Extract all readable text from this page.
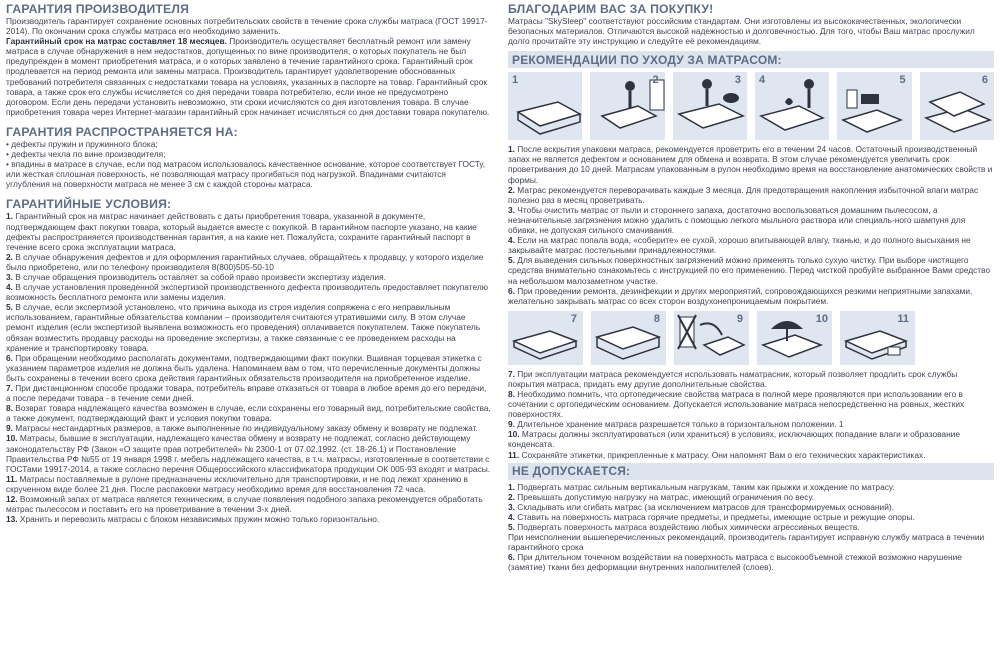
ГАРАНТИЯ ПРОИЗВОДИТЕЛЯ

Производитель гарантирует сохранение основных потребительских свойств в течение срока службы матраса (ГОСТ 19917-2014). По окончании срока службы матраса его необходимо заменить.

Гарантийный срок на матрас составляет 18 месяцев. Производитель осуществляет бесплатный ремонт или замену матраса в случае обнаружения в нем недостатков, допущенных по вине производителя, о которых покупатель не был предупрежден в момент приобретения матраса, и о которых заявлено в течение гарантийного срока. Гарантийный срок продлевается на период ремонта или замены матраса. Производитель гарантирует удовлетворение обоснованных требований потребителя связанных с недостатками товара на условиях, указанных в паспорте на товар. Гарантийный срок товара, а также срок его службы исчисляется со дня передачи товара потребителю, если иное не предусмотрено договором. Если день передачи установить невозможно, эти сроки исчисляются со дня изготовления товара. В случае приобретения товара через Интернет-магазин гарантийный срок начинает исчисляться со дня доставки товара покупателю.

ГАРАНТИЯ РАСПРОСТРАНЯЕТСЯ НА:

• дефекты пружин и пружинного блока;

• дефекты чехла по вине производителя;

• впадины в матрасе в случае, если под матрасом использовалось качественное основание, которое соответствует ГОСТу, или жесткая сплошная поверхность, не позволяющая матрасу прогибаться под нагрузкой. Впадинами считаются углубления на поверхности матраса не менее 3 см с каждой стороны матраса.

ГАРАНТИЙНЫЕ УСЛОВИЯ:

1. Гарантийный срок на матрас начинает действовать с даты приобретения товара, указанной в документе, подтверждающем факт покупки товара, который выдается вместе с покупкой. В гарантийном паспорте указано, на какие дефекты распространяется производственная гарантия, а на какие нет. Пожалуйста, сохраните гарантийный паспорт в течение всего срока эксплуатации матраса.

2. В случае обнаружения дефектов и для оформления гарантийных случаев, обращайтесь к продавцу, у которого изделие было приобретено, или по телефону производителя 8(800)505-50-10

3. В случае обращения производитель оставляет за собой право произвести экспертизу изделия.

4. В случае установления проведенной экспертизой производственного дефекта производитель предоставляет покупателю возможность бесплатного ремонта или замены изделия.

5. В случае, если экспертизой установлено, что причина выхода из строя изделия сопряжена с его неправильным использованием, гарантийные обязательства компании – производителя считаются утратившими силу. В этом случае ремонт изделия (если экспертизой выявлена возможность его проведения) оплачивается покупателем. Также покупатель обязан возместить продавцу расходы на проведение экспертизы, а также связанные с ее проведением расходы на хранение и транспортировку товара.

6. При обращении необходимо располагать документами, подтверждающими факт покупки. Вшивная торцевая этикетка с указанием параметров изделия не должна быть удалена. Напоминаем вам о том, что перечисленные документы должны быть сохранены в течении всего срока действия гарантийных обязательств производителя на приобретенное изделие.

7. При дистанционном способе продажи товара, потребитель вправе отказаться от товара в любое время до его передачи, а после передачи товара - в течение семи дней.

8. Возврат товара надлежащего качества возможен в случае, если сохранены его товарный вид, потребительские свойства, а также документ, подтверждающий факт и условия покупки товара.

9. Матрасы нестандартных размеров, а также выполненные по индивидуальному заказу обмену и возврату не подлежат.

10. Матрасы, бывшие в эксплуатации, надлежащего качества обмену и возврату не подлежат, согласно действующему законодательству РФ (Закон «О защите прав потребителей» № 2300-1 от 07.02.1992. (ст. 18-26.1) и Постановление Правительства РФ №55 от 19 января 1998 г. мебель надлежащего качества, в т.ч. матрасы, изготовленные в соответствии с ГОСТами 19917-2014, а также согласно перечня Общероссийского классификатора продукции ОК 005-93 входят и матрасы.

11. Матрасы поставляемые в рулоне предназначены исключительно для транспортировки, и не под лежат хранению в скрученном виде более 21 дня. После распаковки матрасу необходимо время для восстановления 72 часа.

12. Возможный запах от матраса является техническим, в случае появления подобного запаха рекомендуется обработать матрас пылесосом и поставить его на проветривание в течении 3-х дней.

13. Хранить и перевозить матрасы с блоком независимых пружин можно только горизонтально.

БЛАГОДАРИМ ВАС ЗА ПОКУПКУ!

Матрасы "SkySleep" соответствуют российским стандартам. Они изготовлены из высококачественных, экологически безопасных материалов. Отличаются высокой надежностью и долговечностью. Для того, чтобы Ваш матрас прослужил долго прочитайте эту инструкцию и следуйте её рекомендациям.

РЕКОМЕНДАЦИИ ПО УХОДУ ЗА МАТРАСОМ:
1	2	3 4	5	6

1. После вскрытия упаковки матраса, рекомендуется проветрить его в течении 24 часов. Остаточный производственный запах не является дефектом и основанием для обмена и возврата. В этом случае рекомендуется увеличить срок проветривания до 10 дней. Матрасам упакованным в рулон необходимо время на восстановление анатомических свойств и формы.

2. Матрас рекомендуется переворачивать каждые 3 месяца. Для предотвращения накопления избыточной влаги матрас полезно раз в месяц проветривать.

3. Чтобы очистить матрас от пыли и стороннего запаха, достаточно воспользоваться домашним пылесосом, а незначительные загрязнения можно удалить с помощью легкого мыльного раствора или специаль-ного шампуня для обивки, не допуская сильного смачивания.

4. Если на матрас попала вода, «соберите» ее сухой, хорошо впитывающей влагу, тканью, и до полного высыхания не закрывайте матрас постельными принадлежностями.

5. Для выведения сильных поверхностных загрязнений можно применять только сухую чистку. При выборе чистящего средства внимательно ознакомьтесь с инструкцией по его применению. Перед чисткой пробуйте выбранное Вами средство на небольшом малозаметном участке.

6. При проведении ремонта, дезинфекции и других мероприятий, сопровождающихся резкими неприятными запахами, желательно закрывать матрас со всех сторон воздухонепроницаемым покрытием.

7	8	9	10	11

7. При эксплуатации матраса рекомендуется использовать наматрасник, который позволяет продлить срок службы покрытия матраса, придать ему другие дополнительные свойства.

8. Необходимо помнить, что ортопедические свойства матраса в полной мере проявляются при использовании его в сочетании с ортопедическим основанием. Допускается использование матраса непосредственно на ровных, жестких поверхностях.

9. Длительное хранение матраса разрешается только в горизонтальном положении. 1

10. Матрасы должны эксплуатироваться (или храниться) в условиях, исключающих попадание влаги и образование конденсата.

11. Сохраняйте этикетки, прикрепленные к матрасу. Они напомнят Вам о его технических характеристиках.

НЕ ДОПУСКАЕТСЯ:

1. Подвергать матрас сильным вертикальным нагрузкам, таким как прыжки и хождение по матрасу.

2. Превышать допустимую нагрузку на матрас, имеющий ограничения по весу.

3. Складывать или сгибать матрас (за исключением матрасов для трансформируемых оснований).

4. Ставить на поверхность матраса горячие предметы, и предметы, имеющие острые и режущие опоры.

5. Подвергать поверхность матраса воздействию любых химически агрессивных веществ.

При неисполнении вышеперечисленных рекомендаций, производитель гарантирует исправную службу матраса в течении гарантийного срока

6. При длительном точечном воздействии на поверхность матраса с высокообъемной стежкой возможно нарушение (замятие) ткани без деформации внутренних наполнителей (слоев).
